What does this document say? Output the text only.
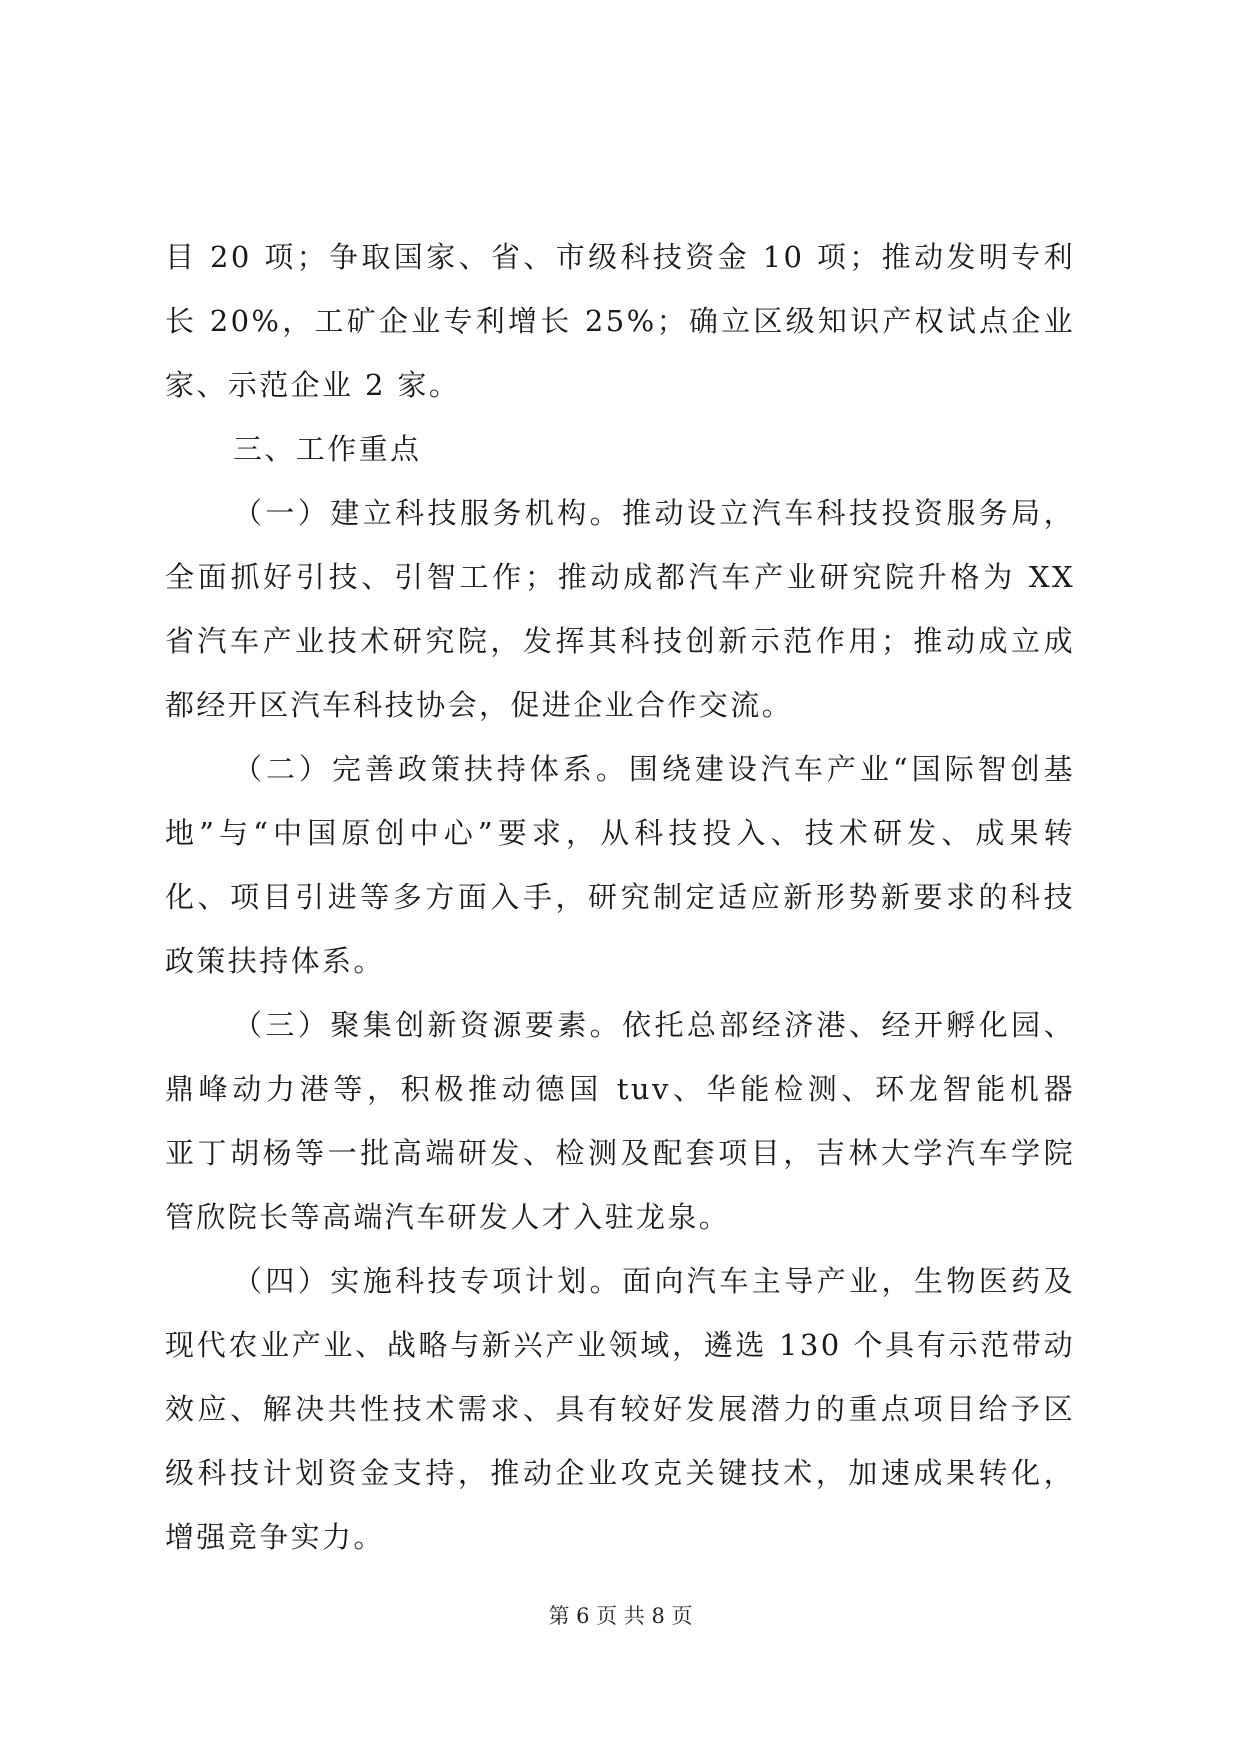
目 20 项；争取国家、省、市级科技资金 10 项；推动发明专利
长 20%，工矿企业专利增长 25%；确立区级知识产权试点企业
家、示范企业 2 家。
三、工作重点
（一）建立科技服务机构。推动设立汽车科技投资服务局，
全面抓好引技、引智工作；推动成都汽车产业研究院升格为 XX
省汽车产业技术研究院，发挥其科技创新示范作用；推动成立成
都经开区汽车科技协会，促进企业合作交流。
（二）完善政策扶持体系。围绕建设汽车产业“国际智创基
地”与“中国原创中心”要求，从科技投入、技术研发、成果转
化、项目引进等多方面入手，研究制定适应新形势新要求的科技
政策扶持体系。
（三）聚集创新资源要素。依托总部经济港、经开孵化园、
鼎峰动力港等，积极推动德国 tuv、华能检测、环龙智能机器
亚丁胡杨等一批高端研发、检测及配套项目，吉林大学汽车学院
管欣院长等高端汽车研发人才入驻龙泉。
（四）实施科技专项计划。面向汽车主导产业，生物医药及
现代农业产业、战略与新兴产业领域，遴选 130 个具有示范带动
效应、解决共性技术需求、具有较好发展潜力的重点项目给予区
级科技计划资金支持，推动企业攻克关键技术，加速成果转化，
增强竞争实力。
第 6 页 共 8 页
